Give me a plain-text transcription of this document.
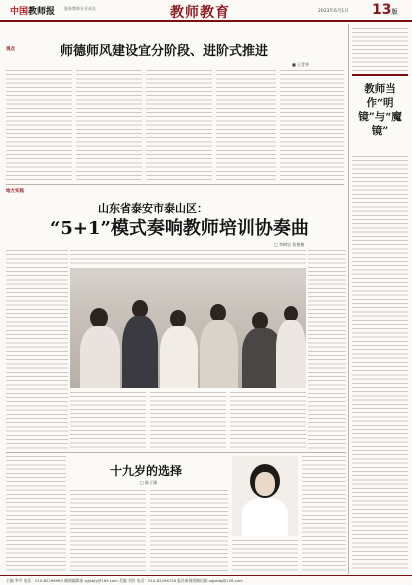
中国教师报 服务教师专业成长	教师教育	2023年6月1日 13版
观点	师德师风建设宜分阶段、进阶式推进
■ 王青华
地方实践
山东省泰安市泰山区：
“5+1”模式奏响教师培训协奏曲
□ 李树岩 张艳梅
十九岁的选择
□ 陈子涵
教师当作“明镜”与“魔镜”
主编 李平 电话：010-82296983 邮箱编辑部 zgjsbjy@163.com 美编 刘洋 电话：010-82296726 报社新闻投稿信箱 zgjsbtg@126.com
